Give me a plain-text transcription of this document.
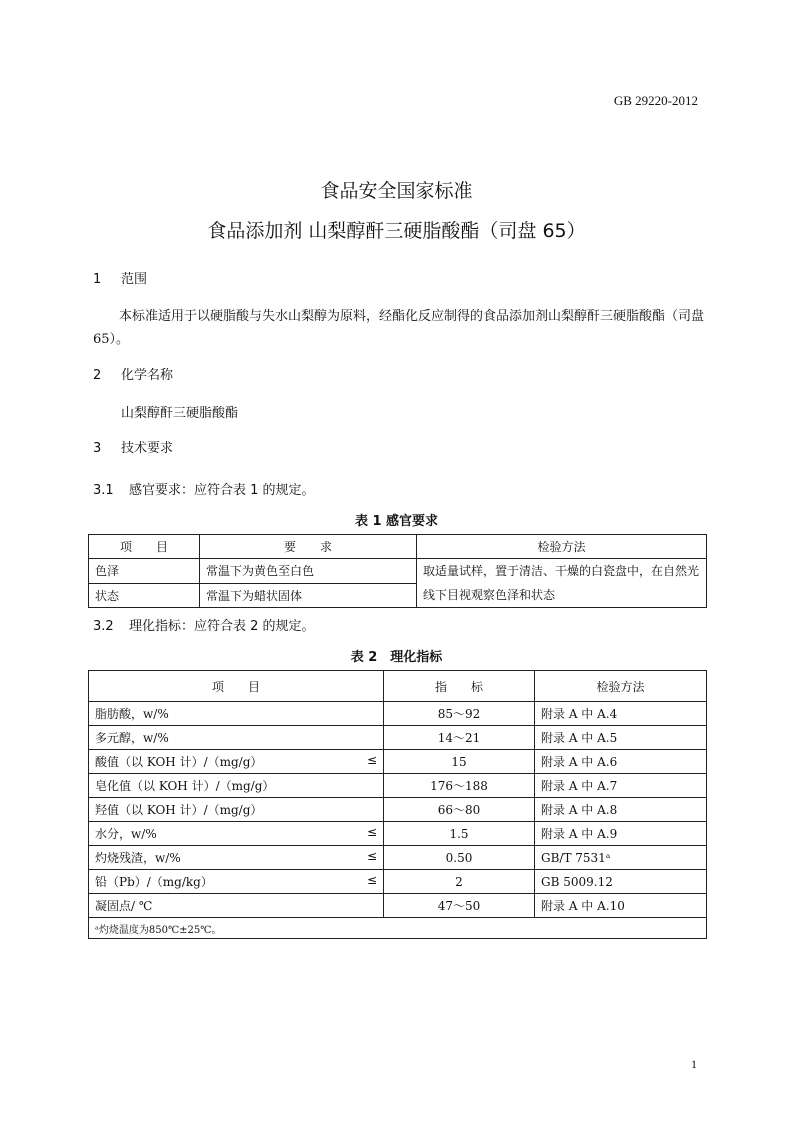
GB 29220-2012
食品安全国家标准
食品添加剂 山梨醇酐三硬脂酸酯（司盘 65）
1 范围
本标准适用于以硬脂酸与失水山梨醇为原料，经酯化反应制得的食品添加剂山梨醇酐三硬脂酸酯（司盘 65）。
2 化学名称
山梨醇酐三硬脂酸酯
3 技术要求
3.1 感官要求：应符合表 1 的规定。
表 1 感官要求
项　　目	要　　求	检验方法
色泽	常温下为黄色至白色	取适量试样，置于清洁、干燥的白瓷盘中，在自然光线下目视观察色泽和状态
状态	常温下为蜡状固体	
3.2 理化指标：应符合表 2 的规定。
表 2　理化指标
项　　目	指　　标	检验方法
脂肪酸，w/%	85～92	附录 A 中 A.4
多元醇，w/%	14～21	附录 A 中 A.5
酸值（以 KOH 计）/（mg/g） ≤	15	附录 A 中 A.6
皂化值（以 KOH 计）/（mg/g）	176～188	附录 A 中 A.7
羟值（以 KOH 计）/（mg/g）	66～80	附录 A 中 A.8
水分，w/% ≤	1.5	附录 A 中 A.9
灼烧残渣，w/% ≤	0.50	GB/T 7531ᵃ
铅（Pb）/（mg/kg） ≤	2	GB 5009.12
凝固点/ ℃	47～50	附录 A 中 A.10
ᵃ灼烧温度为850℃±25℃。		
1
